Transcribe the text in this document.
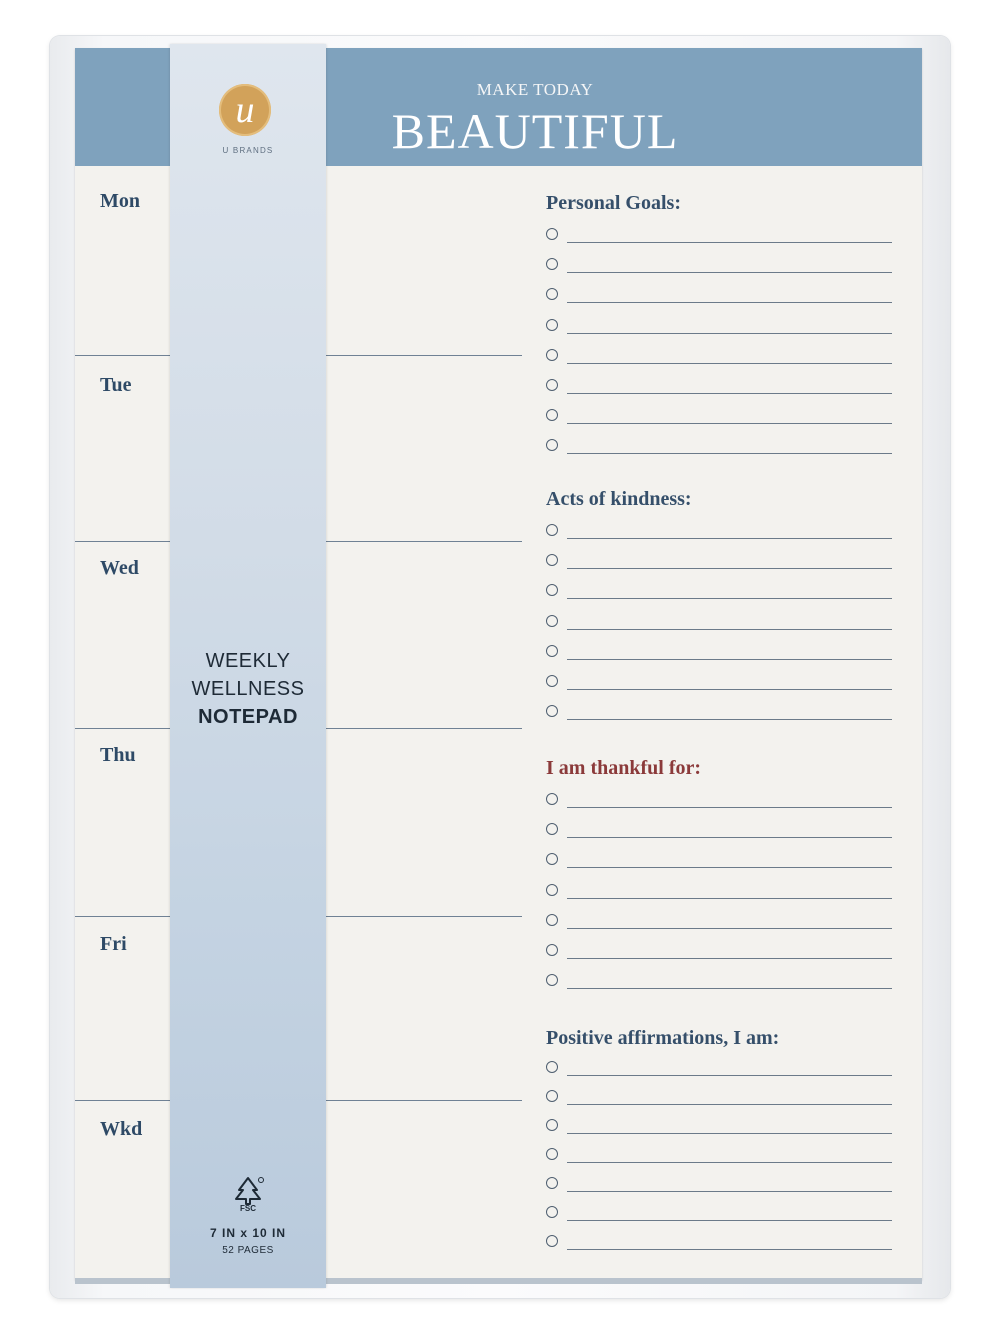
MAKE TODAY
BEAUTIFUL
Mon
Tue
Wed
Thu
Fri
Wkd
Personal Goals:
Acts of kindness:
I am thankful for:
Positive affirmations, I am:
u
U BRANDS
WEEKLY
WELLNESS
NOTEPAD
FSC
7 IN x 10 IN
52 PAGES
